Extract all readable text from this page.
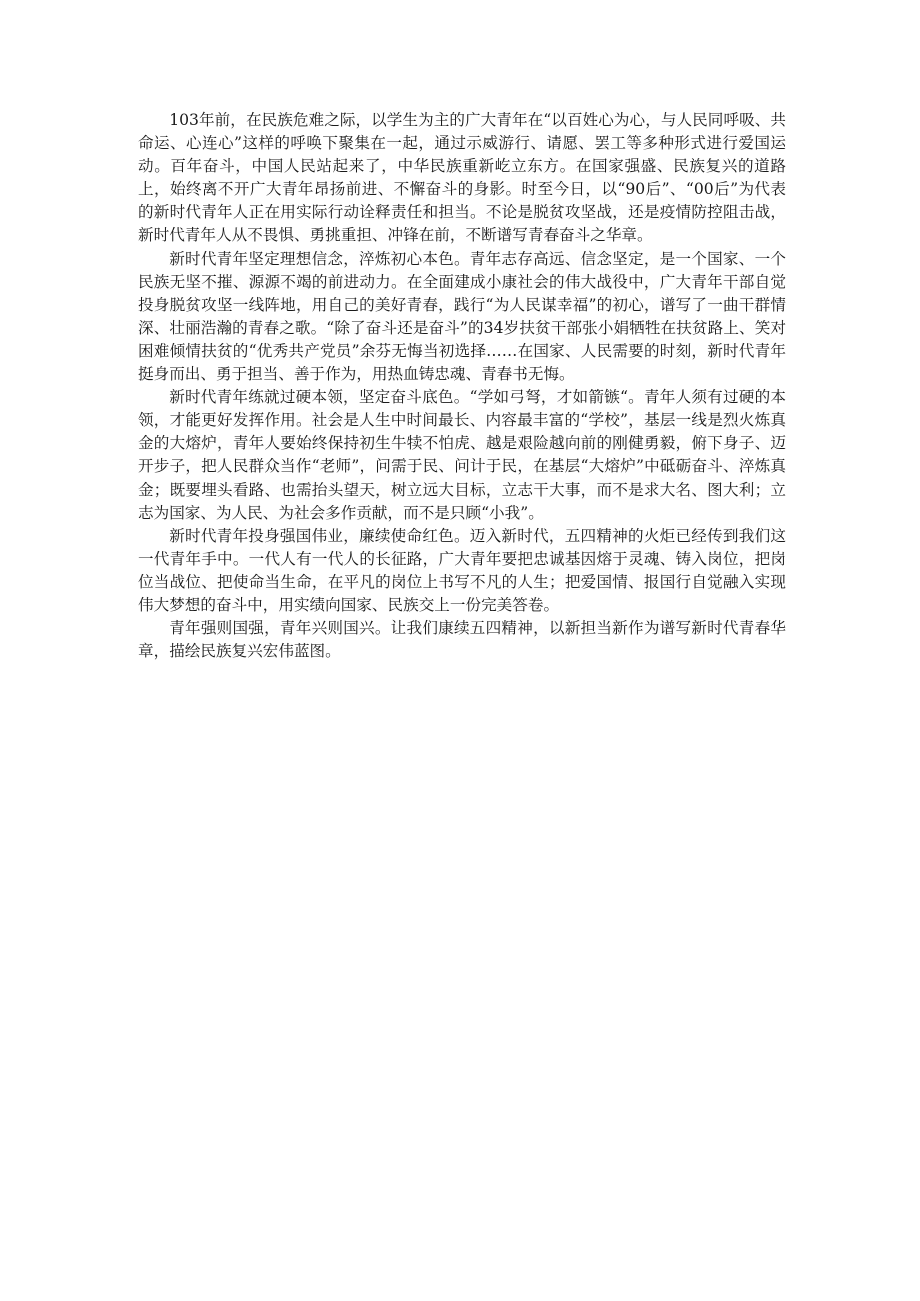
103年前，在民族危难之际，以学生为主的广大青年在“以百姓心为心，与人民同呼吸、共命运、心连心”这样的呼唤下聚集在一起，通过示威游行、请愿、罢工等多种形式进行爱国运动。百年奋斗，中国人民站起来了，中华民族重新屹立东方。在国家强盛、民族复兴的道路上，始终离不开广大青年昂扬前进、不懈奋斗的身影。时至今日，以“90后”、“00后”为代表的新时代青年人正在用实际行动诠释责任和担当。不论是脱贫攻坚战，还是疫情防控阻击战，新时代青年人从不畏惧、勇挑重担、冲锋在前，不断谱写青春奋斗之华章。

新时代青年坚定理想信念，淬炼初心本色。青年志存高远、信念坚定，是一个国家、一个民族无坚不摧、源源不竭的前进动力。在全面建成小康社会的伟大战役中，广大青年干部自觉投身脱贫攻坚一线阵地，用自己的美好青春，践行“为人民谋幸福”的初心，谱写了一曲干群情深、壮丽浩瀚的青春之歌。“除了奋斗还是奋斗”的34岁扶贫干部张小娟牺牲在扶贫路上、笑对困难倾情扶贫的“优秀共产党员”余芬无悔当初选择……在国家、人民需要的时刻，新时代青年挺身而出、勇于担当、善于作为，用热血铸忠魂、青春书无悔。

新时代青年练就过硬本领，坚定奋斗底色。“学如弓弩，才如箭镞“。青年人须有过硬的本领，才能更好发挥作用。社会是人生中时间最长、内容最丰富的“学校”，基层一线是烈火炼真金的大熔炉，青年人要始终保持初生牛犊不怕虎、越是艰险越向前的刚健勇毅，俯下身子、迈开步子，把人民群众当作“老师”，问需于民、问计于民，在基层“大熔炉”中砥砺奋斗、淬炼真金；既要埋头看路、也需抬头望天，树立远大目标，立志干大事，而不是求大名、图大利；立志为国家、为人民、为社会多作贡献，而不是只顾“小我”。

新时代青年投身强国伟业，廉续使命红色。迈入新时代，五四精神的火炬已经传到我们这一代青年手中。一代人有一代人的长征路，广大青年要把忠诚基因熔于灵魂、铸入岗位，把岗位当战位、把使命当生命，在平凡的岗位上书写不凡的人生；把爱国情、报国行自觉融入实现伟大梦想的奋斗中，用实绩向国家、民族交上一份完美答卷。

青年强则国强，青年兴则国兴。让我们康续五四精神，以新担当新作为谱写新时代青春华章，描绘民族复兴宏伟蓝图。
